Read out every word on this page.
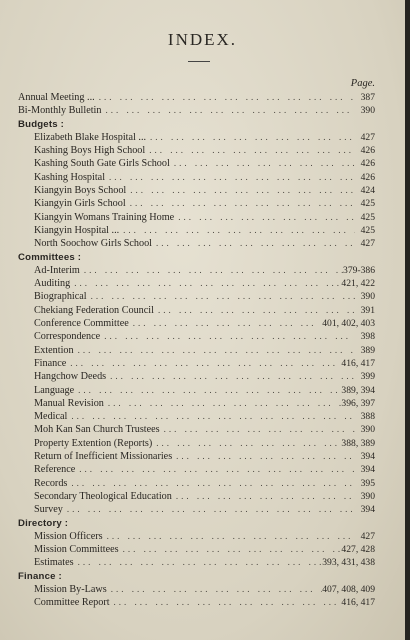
INDEX.
Page.
Annual Meeting ... ... .	387
Bi-Monthly Bulletin ... .	390
Budgets :
Elizabeth Blake Hospital ... ... .	427
Kashing Boys High School ... .	426
Kashing South Gate Girls School ... .	426
Kashing Hospital ... .	426
Kiangyin Boys School ... .	424
Kiangyin Girls School ... .	425
Kiangyin Womans Training Home ... .	425
Kiangyin Hospital ... ... .	425
North Soochow Girls School ... .	427
Committees :
Ad-Interim ... .	379-386
Auditing ... .	421, 422
Biographical ... .	390
Chekiang Federation Council ... .	391
Conference Committee ... .	401, 402, 403
Correspondence ... .	398
Extention ... .	389
Finance ... .	416, 417
Hangchow Deeds ... .	399
Language ... .	389, 394
Manual Revision ... .	396, 397
Medical ... .	388
Moh Kan San Church Trustees ... .	390
Property Extention (Reports) ... .	388, 389
Return of Inefficient Missionaries ... .	394
Reference ... .	394
Records ... .	395
Secondary Theological Education ... .	390
Survey ... .	394
Directory :
Mission Officers ... .	427
Mission Committees ... .	427, 428
Estimates ... .	393, 431, 438
Finance :
Mission By-Laws ... .	407, 408, 409
Committee Report ... .	416, 417
